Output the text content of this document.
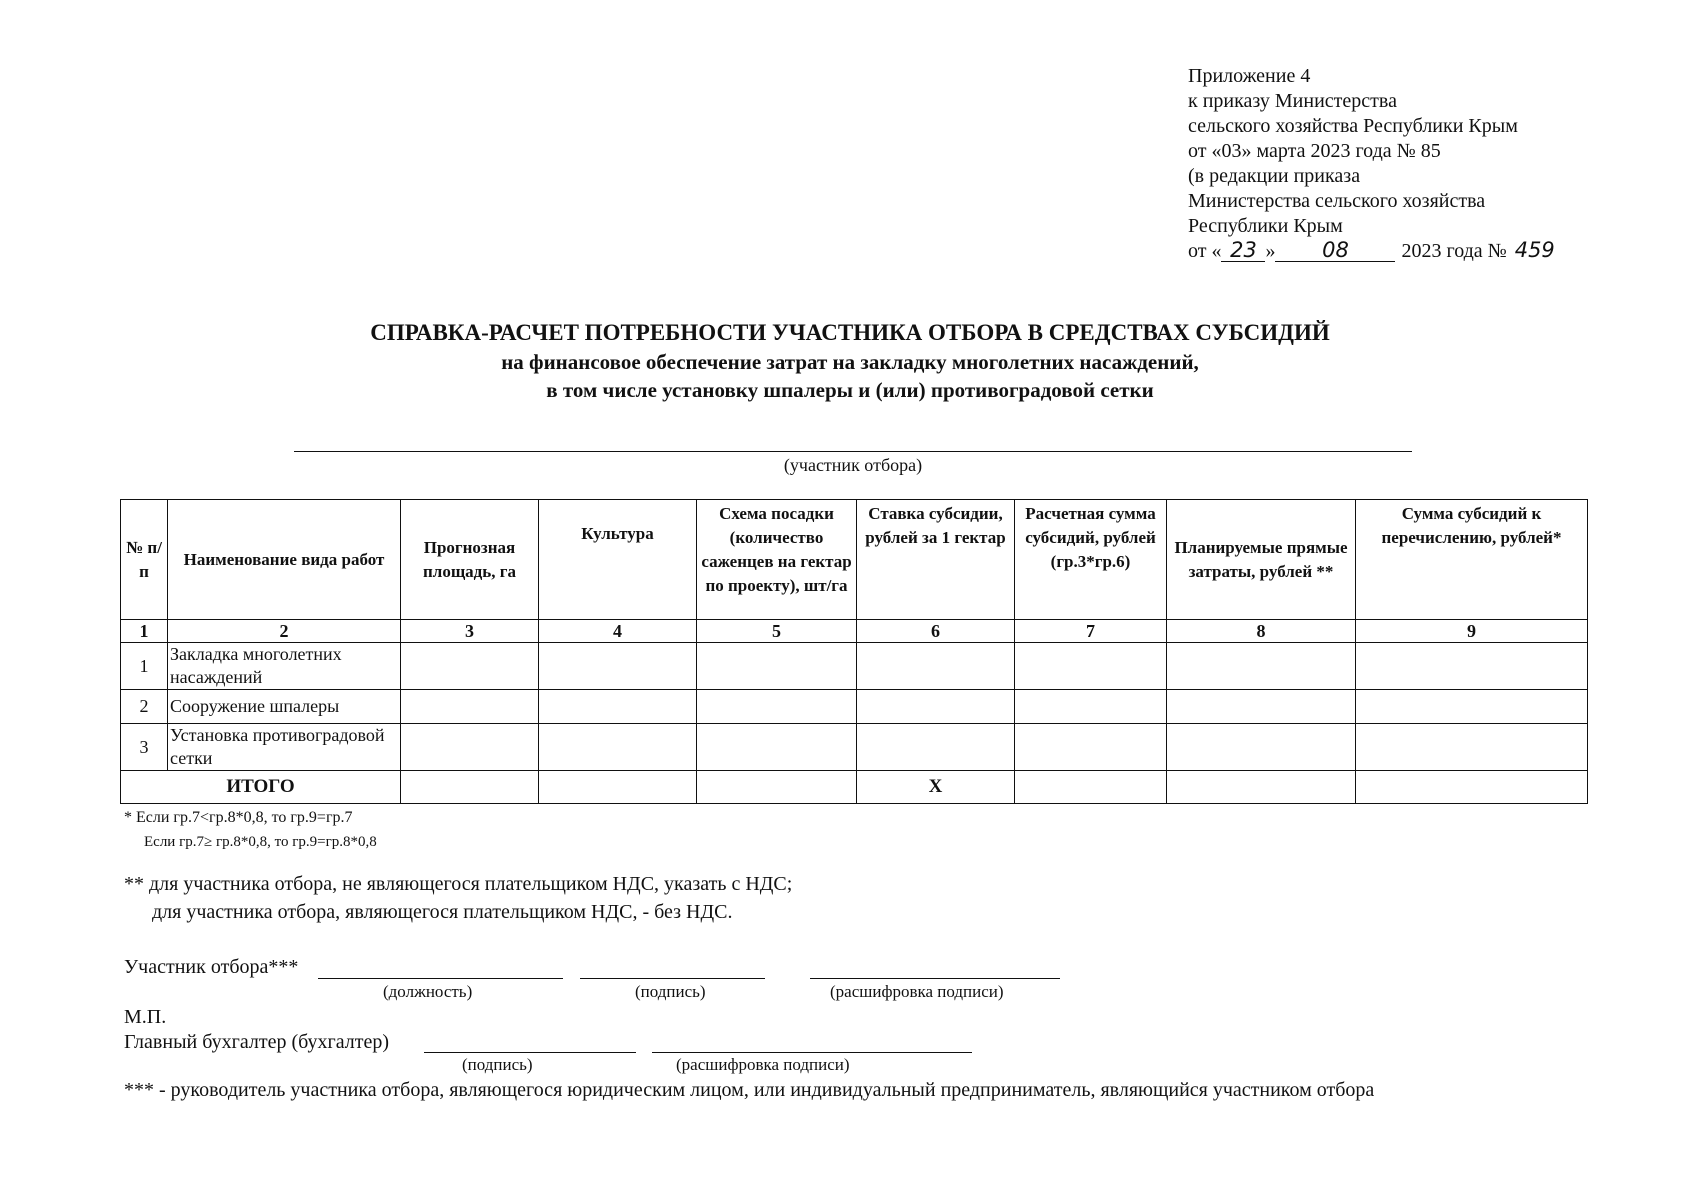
Приложение 4
к приказу Министерства
сельского хозяйства Республики Крым
от «03» марта 2023 года № 85
(в редакции приказа
Министерства сельского хозяйства
Республики Крым
от « 23 » 08	2023 года № 459
СПРАВКА-РАСЧЕТ ПОТРЕБНОСТИ УЧАСТНИКА ОТБОРА В СРЕДСТВАХ СУБСИДИЙ
на финансовое обеспечение затрат на закладку многолетних насаждений,
в том числе установку шпалеры и (или) противоградовой сетки
(участник отбора)
№ п/п	Наименование вида работ	Прогнозная площадь, га	Культура	Схема посадки (количество саженцев на гектар по проекту), шт/га	Ставка субсидии, рублей за 1 гектар	Расчетная сумма субсидий, рублей (гр.3*гр.6)	Планируемые прямые затраты, рублей **	Сумма субсидий к перечислению, рублей*
1	2	3	4	5	6	7	8	9
1	Закладка многолетних насаждений							
2	Сооружение шпалеры							
3	Установка противоградовой сетки							
ИТОГО					Х			
* Если гр.7<гр.8*0,8, то гр.9=гр.7
Если гр.7≥ гр.8*0,8, то гр.9=гр.8*0,8
** для участника отбора, не являющегося плательщиком НДС, указать с НДС;
для участника отбора, являющегося плательщиком НДС, - без НДС.
Участник отбора***
(должность)	(подпись)	(расшифровка подписи)
М.П.
Главный бухгалтер (бухгалтер)
(подпись)	(расшифровка подписи)
*** - руководитель участника отбора, являющегося юридическим лицом, или индивидуальный предприниматель, являющийся участником отбора
